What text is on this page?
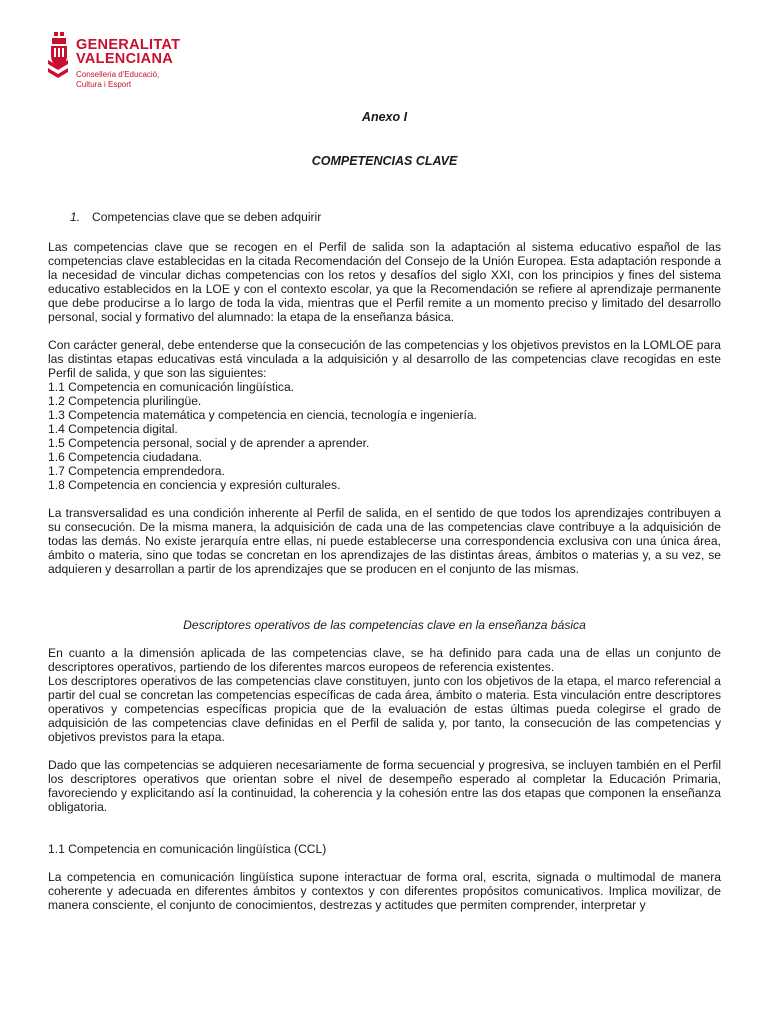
GENERALITAT
VALENCIANA
Conselleria d'Educació,
Cultura i Esport
Anexo I
COMPETENCIAS CLAVE
1. Competencias clave que se deben adquirir

Las competencias clave que se recogen en el Perfil de salida son la adaptación al sistema educativo español de las competencias clave establecidas en la citada Recomendación del Consejo de la Unión Europea. Esta adaptación responde a la necesidad de vincular dichas competencias con los retos y desafíos del siglo XXI, con los principios y fines del sistema educativo establecidos en la LOE y con el contexto escolar, ya que la Recomendación se refiere al aprendizaje permanente que debe producirse a lo largo de toda la vida, mientras que el Perfil remite a un momento preciso y limitado del desarrollo personal, social y formativo del alumnado: la etapa de la enseñanza básica.

Con carácter general, debe entenderse que la consecución de las competencias y los objetivos previstos en la LOMLOE para las distintas etapas educativas está vinculada a la adquisición y al desarrollo de las competencias clave recogidas en este Perfil de salida, y que son las siguientes:

1.1 Competencia en comunicación lingüística.
1.2 Competencia plurilingüe.
1.3 Competencia matemática y competencia en ciencia, tecnología e ingeniería.
1.4 Competencia digital.
1.5 Competencia personal, social y de aprender a aprender.
1.6 Competencia ciudadana.
1.7 Competencia emprendedora.
1.8 Competencia en conciencia y expresión culturales.

La transversalidad es una condición inherente al Perfil de salida, en el sentido de que todos los aprendizajes contribuyen a su consecución. De la misma manera, la adquisición de cada una de las competencias clave contribuye a la adquisición de todas las demás. No existe jerarquía entre ellas, ni puede establecerse una correspondencia exclusiva con una única área, ámbito o materia, sino que todas se concretan en los aprendizajes de las distintas áreas, ámbitos o materias y, a su vez, se adquieren y desarrollan a partir de los aprendizajes que se producen en el conjunto de las mismas.

Descriptores operativos de las competencias clave en la enseñanza básica

En cuanto a la dimensión aplicada de las competencias clave, se ha definido para cada una de ellas un conjunto de descriptores operativos, partiendo de los diferentes marcos europeos de referencia existentes.

Los descriptores operativos de las competencias clave constituyen, junto con los objetivos de la etapa, el marco referencial a partir del cual se concretan las competencias específicas de cada área, ámbito o materia. Esta vinculación entre descriptores operativos y competencias específicas propicia que de la evaluación de estas últimas pueda colegirse el grado de adquisición de las competencias clave definidas en el Perfil de salida y, por tanto, la consecución de las competencias y objetivos previstos para la etapa.

Dado que las competencias se adquieren necesariamente de forma secuencial y progresiva, se incluyen también en el Perfil los descriptores operativos que orientan sobre el nivel de desempeño esperado al completar la Educación Primaria, favoreciendo y explicitando así la continuidad, la coherencia y la cohesión entre las dos etapas que componen la enseñanza obligatoria.

1.1 Competencia en comunicación lingüística (CCL)

La competencia en comunicación lingüística supone interactuar de forma oral, escrita, signada o multimodal de manera coherente y adecuada en diferentes ámbitos y contextos y con diferentes propósitos comunicativos. Implica movilizar, de manera consciente, el conjunto de conocimientos, destrezas y actitudes que permiten comprender, interpretar y
